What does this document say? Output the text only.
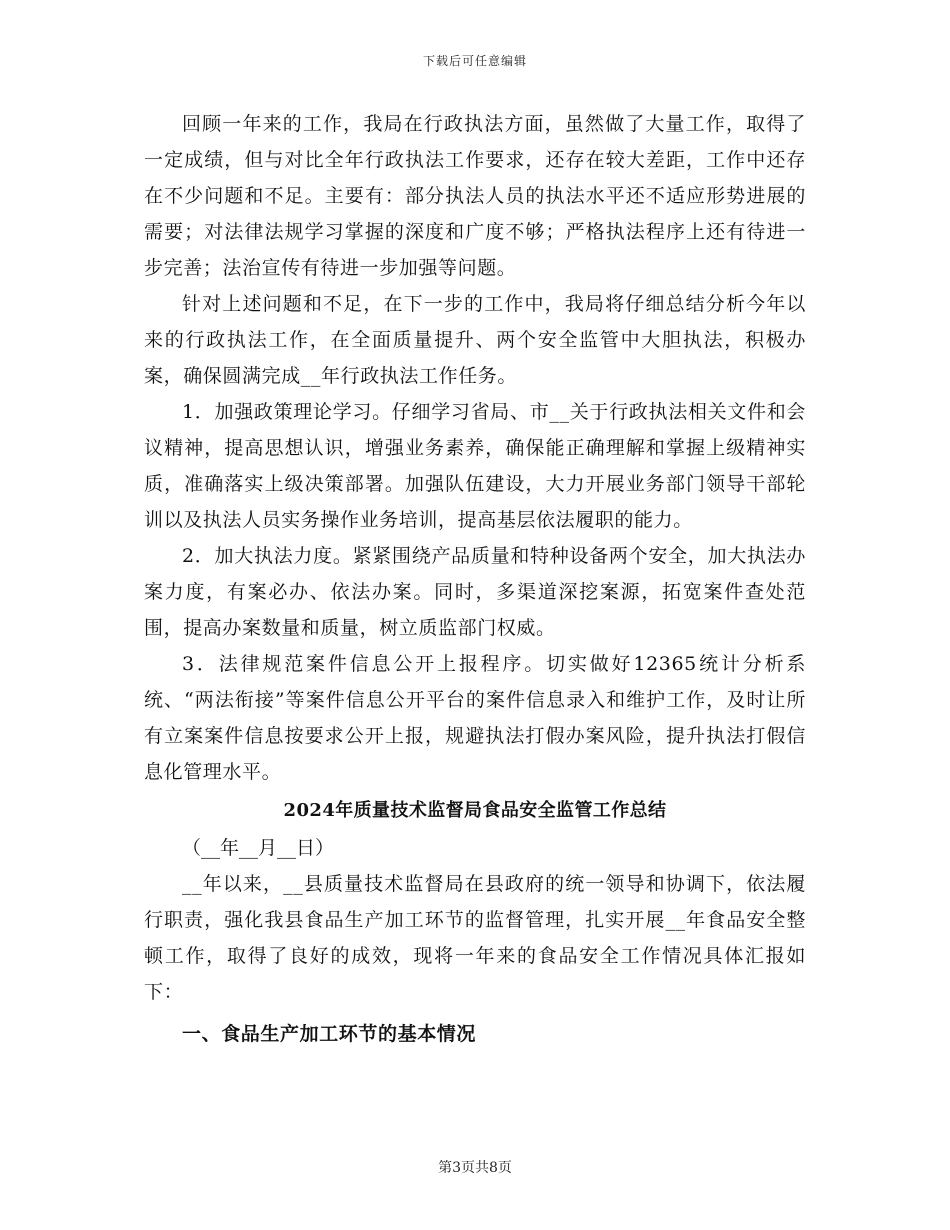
下载后可任意编辑

回顾一年来的工作，我局在行政执法方面，虽然做了大量工作，取得了一定成绩，但与对比全年行政执法工作要求，还存在较大差距，工作中还存在不少问题和不足。主要有：部分执法人员的执法水平还不适应形势进展的需要；对法律法规学习掌握的深度和广度不够；严格执法程序上还有待进一步完善；法治宣传有待进一步加强等问题。

针对上述问题和不足，在下一步的工作中，我局将仔细总结分析今年以来的行政执法工作，在全面质量提升、两个安全监管中大胆执法，积极办案，确保圆满完成__年行政执法工作任务。

1．加强政策理论学习。仔细学习省局、市__关于行政执法相关文件和会议精神，提高思想认识，增强业务素养，确保能正确理解和掌握上级精神实质，准确落实上级决策部署。加强队伍建设，大力开展业务部门领导干部轮训以及执法人员实务操作业务培训，提高基层依法履职的能力。

2．加大执法力度。紧紧围绕产品质量和特种设备两个安全，加大执法办案力度，有案必办、依法办案。同时，多渠道深挖案源，拓宽案件查处范围，提高办案数量和质量，树立质监部门权威。

3．法律规范案件信息公开上报程序。切实做好12365统计分析系统、“两法衔接”等案件信息公开平台的案件信息录入和维护工作，及时让所有立案案件信息按要求公开上报，规避执法打假办案风险，提升执法打假信息化管理水平。

2024年质量技术监督局食品安全监管工作总结

（__年__月__日）

__年以来，__县质量技术监督局在县政府的统一领导和协调下，依法履行职责，强化我县食品生产加工环节的监督管理，扎实开展__年食品安全整顿工作，取得了良好的成效，现将一年来的食品安全工作情况具体汇报如下：

一、食品生产加工环节的基本情况
第3页共8页
